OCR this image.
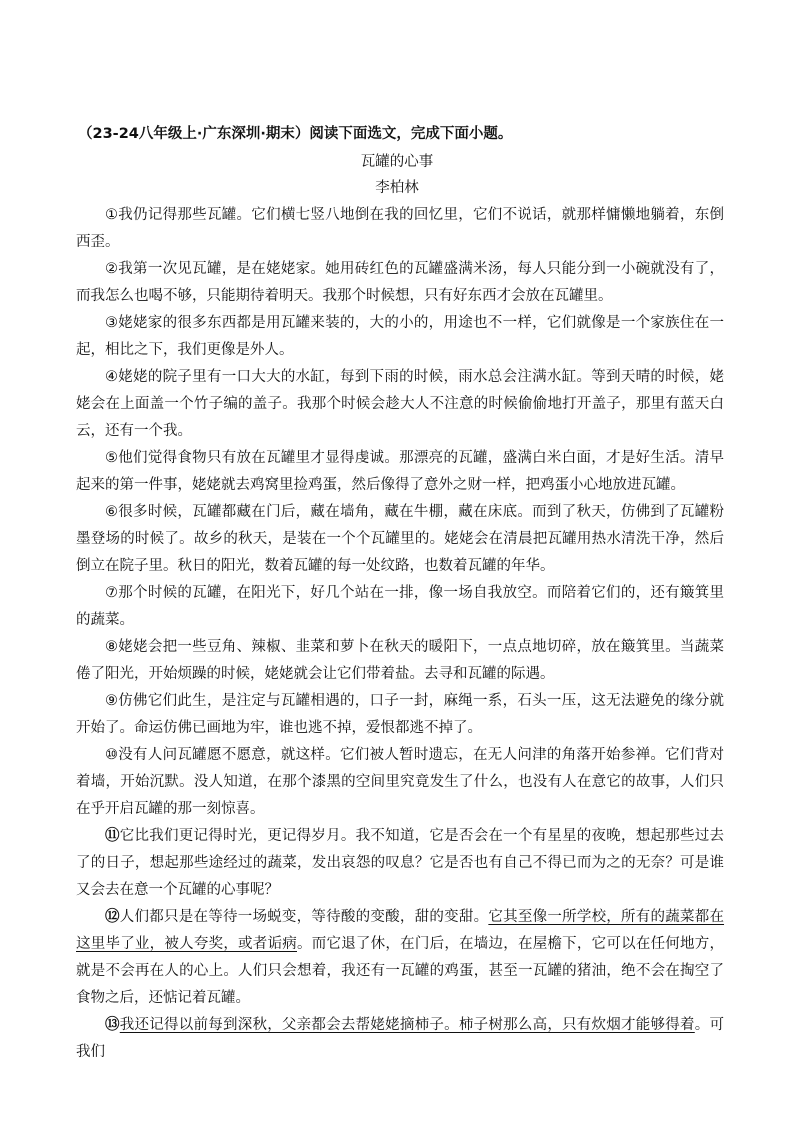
（23-24八年级上·广东深圳·期末）阅读下面选文，完成下面小题。
瓦罐的心事
李柏林

①我仍记得那些瓦罐。它们横七竖八地倒在我的回忆里，它们不说话，就那样慵懒地躺着，东倒西歪。

②我第一次见瓦罐，是在姥姥家。她用砖红色的瓦罐盛满米汤，每人只能分到一小碗就没有了，而我怎么也喝不够，只能期待着明天。我那个时候想，只有好东西才会放在瓦罐里。

③姥姥家的很多东西都是用瓦罐来装的，大的小的，用途也不一样，它们就像是一个家族住在一起，相比之下，我们更像是外人。

④姥姥的院子里有一口大大的水缸，每到下雨的时候，雨水总会注满水缸。等到天晴的时候，姥姥会在上面盖一个竹子编的盖子。我那个时候会趁大人不注意的时候偷偷地打开盖子，那里有蓝天白云，还有一个我。

⑤他们觉得食物只有放在瓦罐里才显得虔诚。那漂亮的瓦罐，盛满白米白面，才是好生活。清早起来的第一件事，姥姥就去鸡窝里捡鸡蛋，然后像得了意外之财一样，把鸡蛋小心地放进瓦罐。

⑥很多时候，瓦罐都藏在门后，藏在墙角，藏在牛棚，藏在床底。而到了秋天，仿佛到了瓦罐粉墨登场的时候了。故乡的秋天，是装在一个个瓦罐里的。姥姥会在清晨把瓦罐用热水清洗干净，然后倒立在院子里。秋日的阳光，数着瓦罐的每一处纹路，也数着瓦罐的年华。

⑦那个时候的瓦罐，在阳光下，好几个站在一排，像一场自我放空。而陪着它们的，还有簸箕里的蔬菜。

⑧姥姥会把一些豆角、辣椒、韭菜和萝卜在秋天的暖阳下，一点点地切碎，放在簸箕里。当蔬菜倦了阳光，开始烦躁的时候，姥姥就会让它们带着盐。去寻和瓦罐的际遇。

⑨仿佛它们此生，是注定与瓦罐相遇的，口子一封，麻绳一系，石头一压，这无法避免的缘分就开始了。命运仿佛已画地为牢，谁也逃不掉，爱恨都逃不掉了。

⑩没有人问瓦罐愿不愿意，就这样。它们被人暂时遗忘，在无人问津的角落开始参禅。它们背对着墙，开始沉默。没人知道，在那个漆黑的空间里究竟发生了什么，也没有人在意它的故事，人们只在乎开启瓦罐的那一刻惊喜。

⑪它比我们更记得时光，更记得岁月。我不知道，它是否会在一个有星星的夜晚，想起那些过去了的日子，想起那些途经过的蔬菜，发出哀怨的叹息？它是否也有自己不得已而为之的无奈？可是谁又会去在意一个瓦罐的心事呢？

⑫人们都只是在等待一场蜕变，等待酸的变酸，甜的变甜。它其至像一所学校，所有的蔬菜都在这里毕了业，被人夸奖，或者诟病。而它退了休，在门后，在墙边，在屋檐下，它可以在任何地方，就是不会再在人的心上。人们只会想着，我还有一瓦罐的鸡蛋，甚至一瓦罐的猪油，绝不会在掏空了食物之后，还惦记着瓦罐。

⑬我还记得以前每到深秋，父亲都会去帮姥姥摘柿子。柿子树那么高，只有炊烟才能够得着。可我们
